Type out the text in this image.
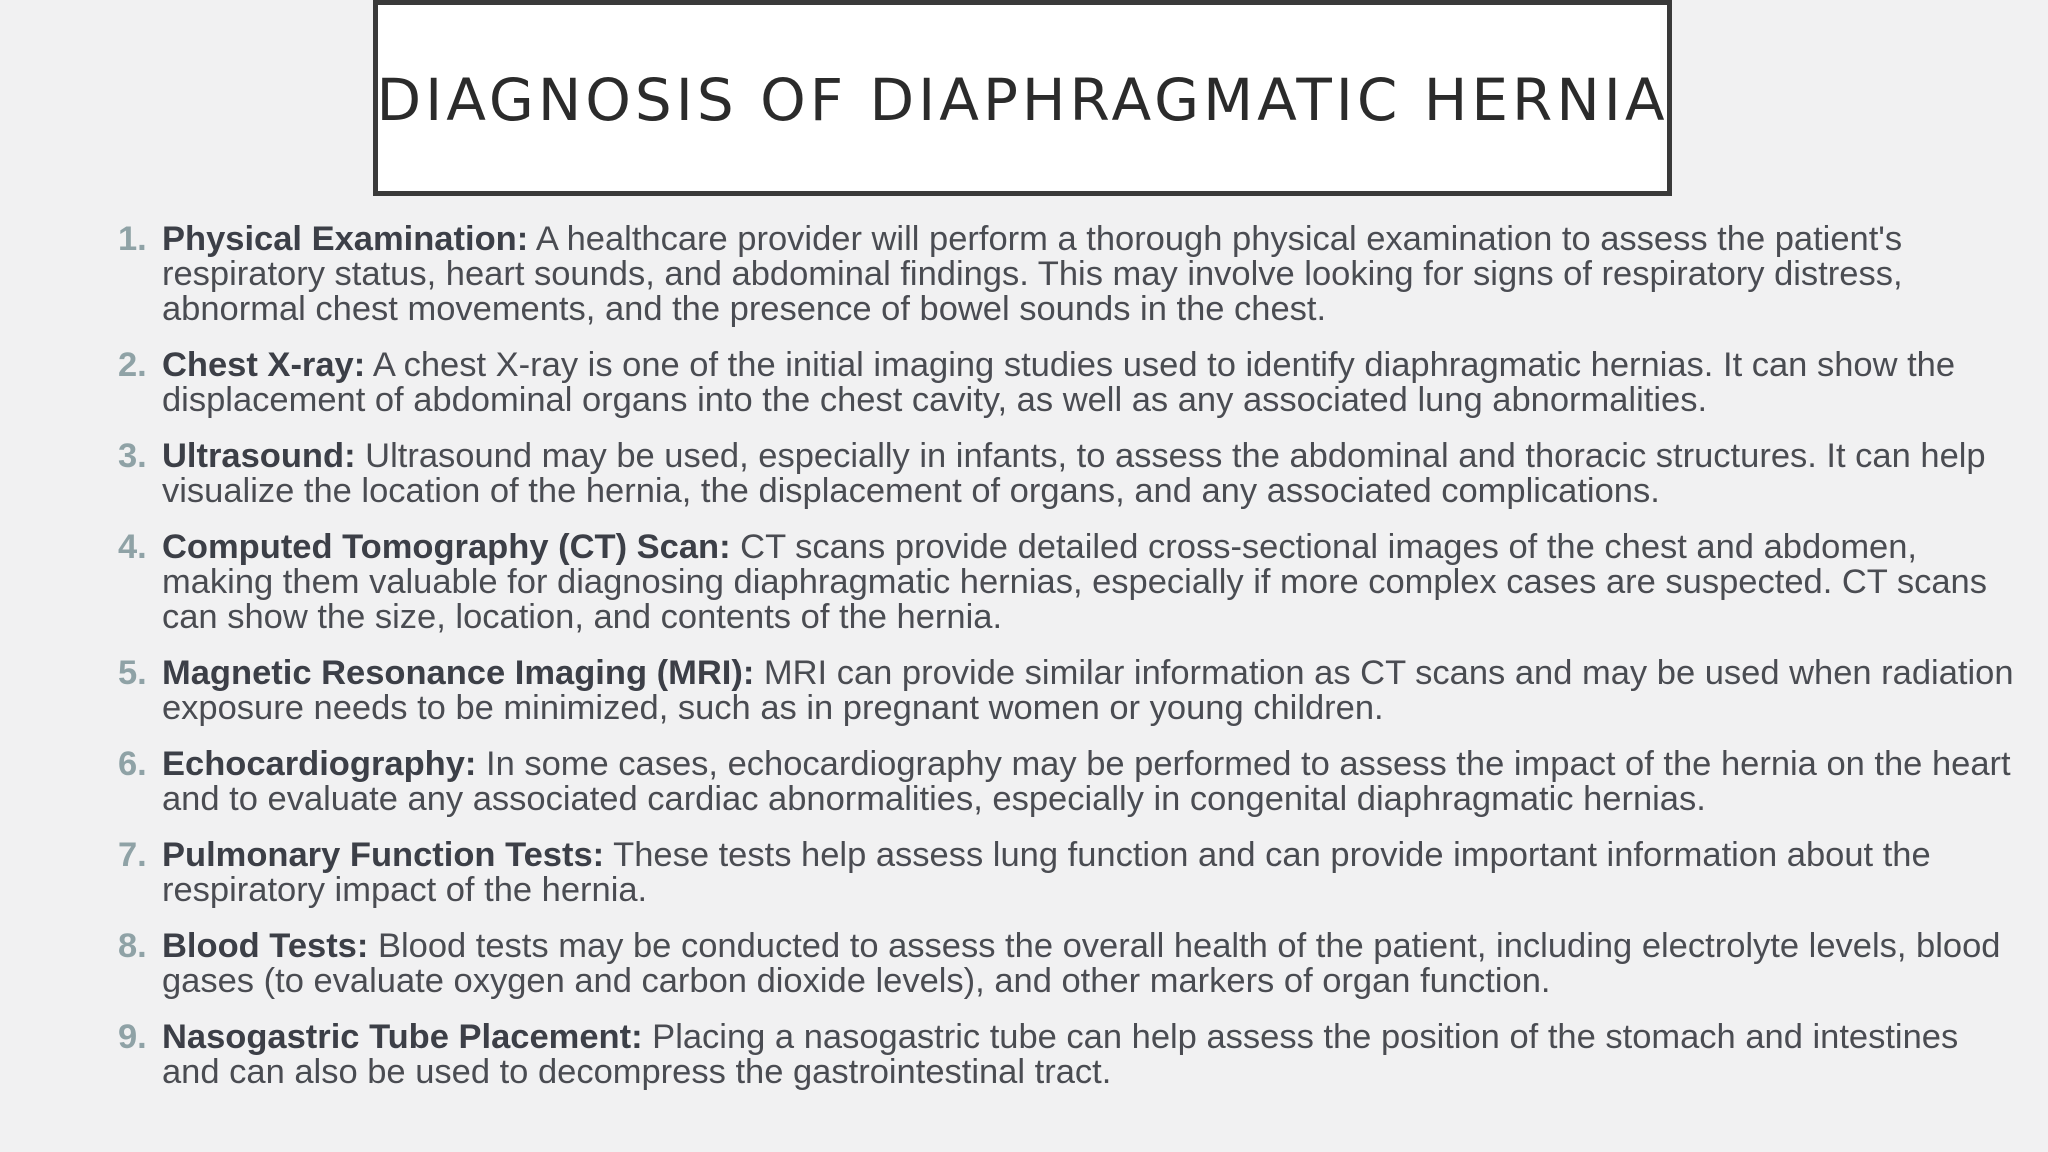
DIAGNOSIS OF DIAPHRAGMATIC HERNIA
1. Physical Examination: A healthcare provider will perform a thorough physical examination to assess the patient's respiratory status, heart sounds, and abdominal findings. This may involve looking for signs of respiratory distress, abnormal chest movements, and the presence of bowel sounds in the chest.
2. Chest X-ray: A chest X-ray is one of the initial imaging studies used to identify diaphragmatic hernias. It can show the displacement of abdominal organs into the chest cavity, as well as any associated lung abnormalities.
3. Ultrasound: Ultrasound may be used, especially in infants, to assess the abdominal and thoracic structures. It can help visualize the location of the hernia, the displacement of organs, and any associated complications.
4. Computed Tomography (CT) Scan: CT scans provide detailed cross-sectional images of the chest and abdomen, making them valuable for diagnosing diaphragmatic hernias, especially if more complex cases are suspected. CT scans can show the size, location, and contents of the hernia.
5. Magnetic Resonance Imaging (MRI): MRI can provide similar information as CT scans and may be used when radiation exposure needs to be minimized, such as in pregnant women or young children.
6. Echocardiography: In some cases, echocardiography may be performed to assess the impact of the hernia on the heart and to evaluate any associated cardiac abnormalities, especially in congenital diaphragmatic hernias.
7. Pulmonary Function Tests: These tests help assess lung function and can provide important information about the respiratory impact of the hernia.
8. Blood Tests: Blood tests may be conducted to assess the overall health of the patient, including electrolyte levels, blood gases (to evaluate oxygen and carbon dioxide levels), and other markers of organ function.
9. Nasogastric Tube Placement: Placing a nasogastric tube can help assess the position of the stomach and intestines and can also be used to decompress the gastrointestinal tract.
